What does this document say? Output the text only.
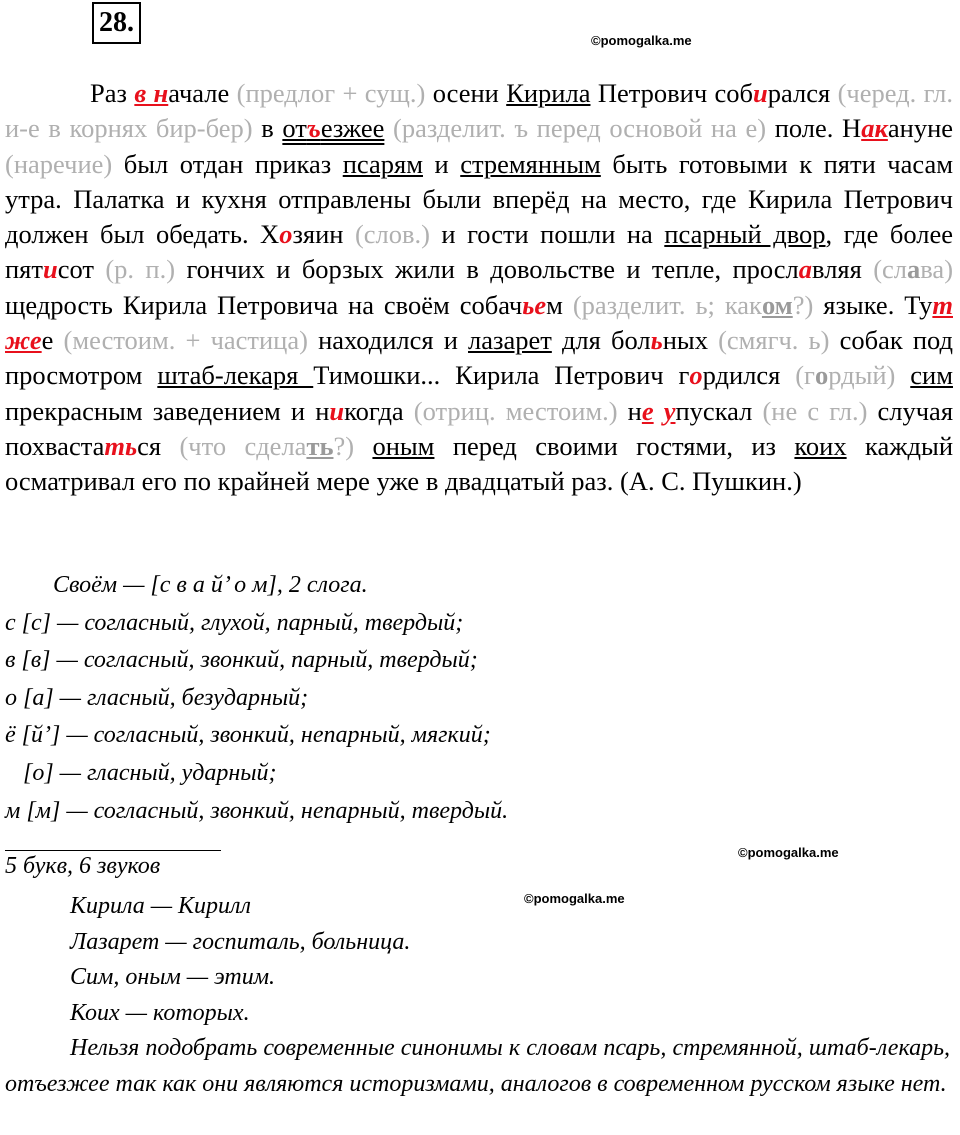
28.
©pomogalka.me

Раз в начале (предлог + сущ.) осени Кирила Петрович собирался (черед. гл. и-е в корнях бир-бер) в отъезжее (разделит. ъ перед основой на е) поле. Накануне (наречие) был отдан приказ псарям и стремянным быть готовыми к пяти часам утра. Палатка и кухня отправлены были вперёд на место, где Кирила Петрович должен был обедать. Хозяин (слов.) и гости пошли на псарный двор, где более пятисот (р. п.) гончих и борзых жили в довольстве и тепле, прославляя (слава) щедрость Кирила Петровича на своём собачьем (разделит. ь; каком?) языке. Тут жее (местоим. + частица) находился и лазарет для больных (смягч. ь) собак под просмотром штаб-лекаря Тимошки... Кирила Петрович гордился (гордый) сим прекрасным заведением и никогда (отриц. местоим.) не упускал (не с гл.) случая похвастаться (что сделать?) оным перед своими гостями, из коих каждый осматривал его по крайней мере уже в двадцатый раз. (А. С. Пушкин.)

Своём — [с в а й’ о м], 2 слога.
с [с] — согласный, глухой, парный, твердый;
в [в] — согласный, звонкий, парный, твердый;
о [а] — гласный, безударный;
ё [й’] — согласный, звонкий, непарный, мягкий;
[о] — гласный, ударный;
м [м] — согласный, звонкий, непарный, твердый.
©pomogalka.me
5 букв, 6 звуков
©pomogalka.me
Кирила — Кирилл
Лазарет — госпиталь, больница.
Сим, оным — этим.
Коих — которых.

Нельзя подобрать современные синонимы к словам псарь, стремянной, штаб-лекарь, отъезжее так как они являются историзмами, аналогов в современном русском языке нет.
